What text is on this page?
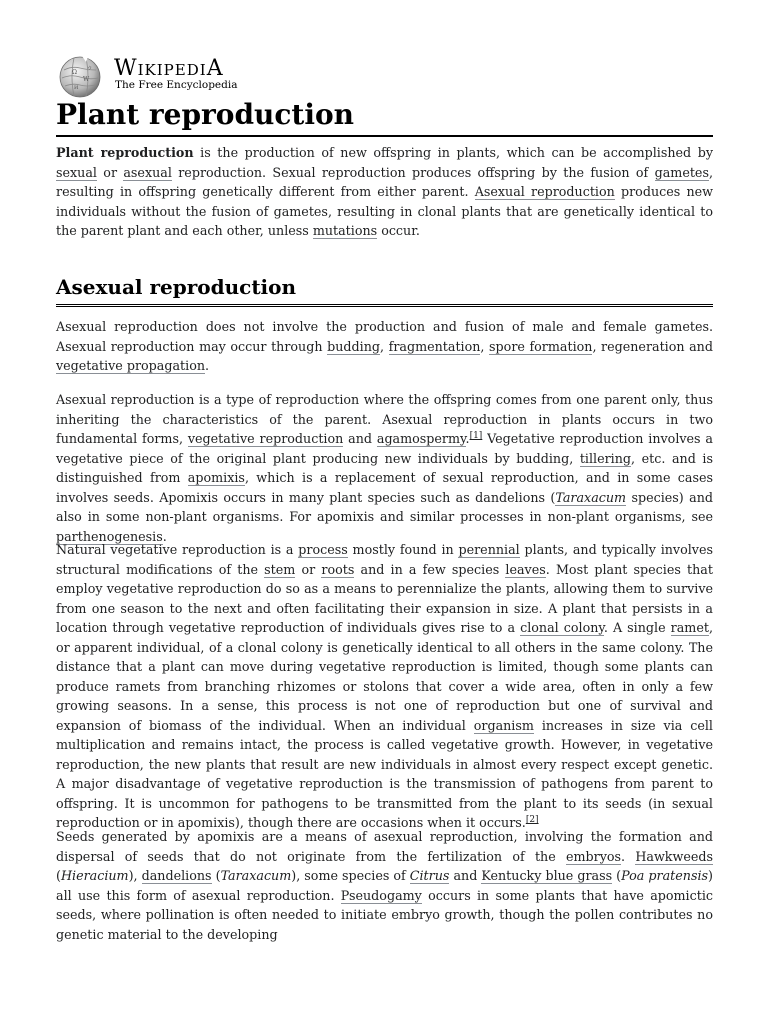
Ω
W
И
ウ WIKIPEDIA
The Free Encyclopedia
Plant reproduction

Plant reproduction is the production of new offspring in plants, which can be accomplished by sexual or asexual reproduction. Sexual reproduction produces offspring by the fusion of gametes, resulting in offspring genetically different from either parent. Asexual reproduction produces new individuals without the fusion of gametes, resulting in clonal plants that are genetically identical to the parent plant and each other, unless mutations occur.

Asexual reproduction

Asexual reproduction does not involve the production and fusion of male and female gametes. Asexual reproduction may occur through budding, fragmentation, spore formation, regeneration and vegetative propagation.

Asexual reproduction is a type of reproduction where the offspring comes from one parent only, thus inheriting the characteristics of the parent. Asexual reproduction in plants occurs in two fundamental forms, vegetative reproduction and agamospermy.[1] Vegetative reproduction involves a vegetative piece of the original plant producing new individuals by budding, tillering, etc. and is distinguished from apomixis, which is a replacement of sexual reproduction, and in some cases involves seeds. Apomixis occurs in many plant species such as dandelions (Taraxacum species) and also in some non-plant organisms. For apomixis and similar processes in non-plant organisms, see parthenogenesis.

Natural vegetative reproduction is a process mostly found in perennial plants, and typically involves structural modifications of the stem or roots and in a few species leaves. Most plant species that employ vegetative reproduction do so as a means to perennialize the plants, allowing them to survive from one season to the next and often facilitating their expansion in size. A plant that persists in a location through vegetative reproduction of individuals gives rise to a clonal colony. A single ramet, or apparent individual, of a clonal colony is genetically identical to all others in the same colony. The distance that a plant can move during vegetative reproduction is limited, though some plants can produce ramets from branching rhizomes or stolons that cover a wide area, often in only a few growing seasons. In a sense, this process is not one of reproduction but one of survival and expansion of biomass of the individual. When an individual organism increases in size via cell multiplication and remains intact, the process is called vegetative growth. However, in vegetative reproduction, the new plants that result are new individuals in almost every respect except genetic. A major disadvantage of vegetative reproduction is the transmission of pathogens from parent to offspring. It is uncommon for pathogens to be transmitted from the plant to its seeds (in sexual reproduction or in apomixis), though there are occasions when it occurs.[2]

Seeds generated by apomixis are a means of asexual reproduction, involving the formation and dispersal of seeds that do not originate from the fertilization of the embryos. Hawkweeds (Hieracium), dandelions (Taraxacum), some species of Citrus and Kentucky blue grass (Poa pratensis) all use this form of asexual reproduction. Pseudogamy occurs in some plants that have apomictic seeds, where pollination is often needed to initiate embryo growth, though the pollen contributes no genetic material to the developing
